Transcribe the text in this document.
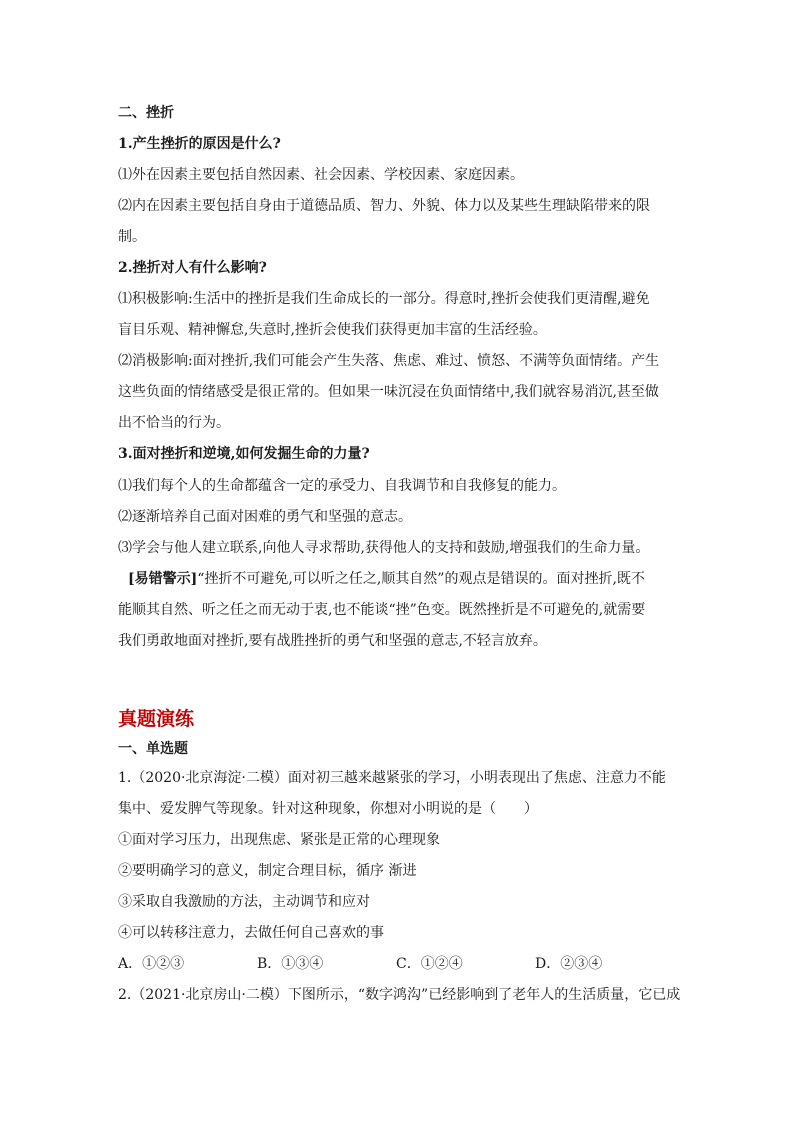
二、挫折
1.产生挫折的原因是什么?
⑴外在因素主要包括自然因素、社会因素、学校因素、家庭因素。
⑵内在因素主要包括自身由于道德品质、智力、外貌、体力以及某些生理缺陷带来的限
制。
2.挫折对人有什么影响?
⑴积极影响:生活中的挫折是我们生命成长的一部分。得意时,挫折会使我们更清醒,避免
盲目乐观、精神懈怠,失意时,挫折会使我们获得更加丰富的生活经验。
⑵消极影响:面对挫折,我们可能会产生失落、焦虑、难过、愤怒、不满等负面情绪。产生
这些负面的情绪感受是很正常的。但如果一味沉浸在负面情绪中,我们就容易消沉,甚至做
出不恰当的行为。
3.面对挫折和逆境,如何发掘生命的力量?
⑴我们每个人的生命都蕴含一定的承受力、自我调节和自我修复的能力。
⑵逐渐培养自己面对困难的勇气和坚强的意志。
⑶学会与他人建立联系,向他人寻求帮助,获得他人的支持和鼓励,增强我们的生命力量。
[易错警示]“挫折不可避免,可以听之任之,顺其自然”的观点是错误的。面对挫折,既不
能顺其自然、听之任之而无动于衷,也不能谈“挫”色变。既然挫折是不可避免的,就需要
我们勇敢地面对挫折,要有战胜挫折的勇气和坚强的意志,不轻言放弃。
真题演练
一、单选题
1.（2020·北京海淀·二模）面对初三越来越紧张的学习，小明表现出了焦虑、注意力不能
集中、爱发脾气等现象。针对这种现象，你想对小明说的是（　　）
①面对学习压力，出现焦虑、紧张是正常的心理现象
②要明确学习的意义，制定合理目标，循序 渐进
③采取自我激励的方法，主动调节和应对
④可以转移注意力，去做任何自己喜欢的事
A．①②③	B．①③④	C．①②④	D．②③④
2.（2021·北京房山·二模）下图所示，“数字鸿沟”已经影响到了老年人的生活质量，它已成
